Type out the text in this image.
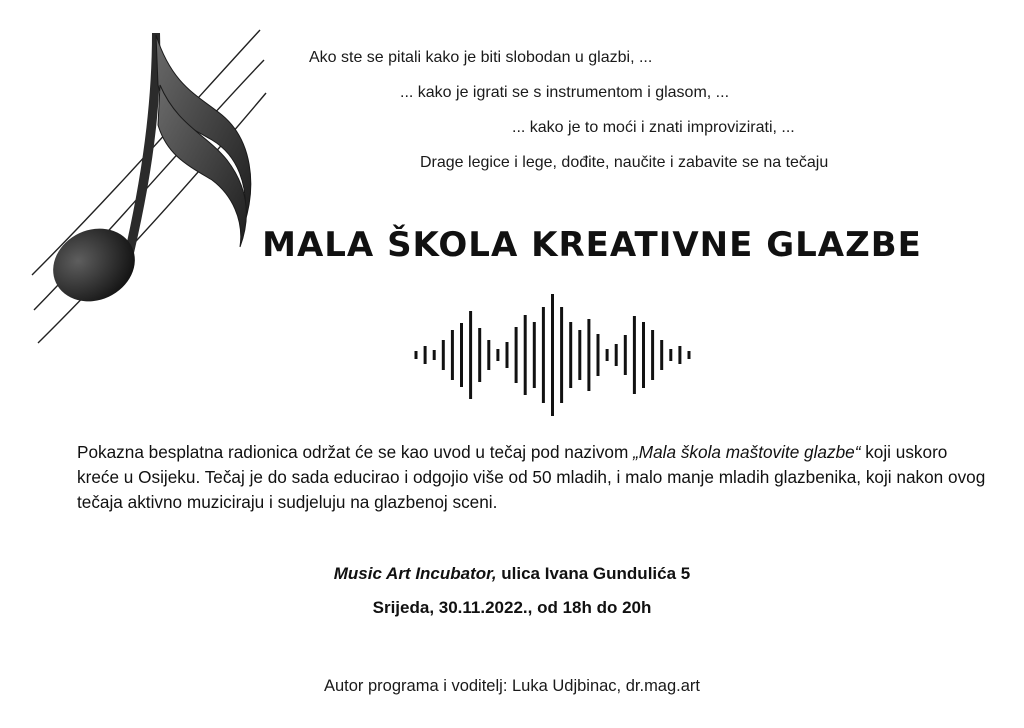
Ako ste se pitali kako je biti slobodan u glazbi, ...
... kako je igrati se s instrumentom i glasom, ...
... kako je to moći i znati improvizirati, ...
Drage legice i lege, dođite, naučite i zabavite se na tečaju
MALA ŠKOLA KREATIVNE GLAZBE
Pokazna besplatna radionica održat će se kao uvod u tečaj pod nazivom „Mala škola maštovite glazbe“ koji uskoro kreće u Osijeku. Tečaj je do sada educirao i odgojio više od 50 mladih, i malo manje mladih glazbenika, koji nakon ovog tečaja aktivno muziciraju i sudjeluju na glazbenoj sceni.
Music Art Incubator, ulica Ivana Gundulića 5
Srijeda, 30.11.2022., od 18h do 20h
Autor programa i voditelj: Luka Udjbinac, dr.mag.art
